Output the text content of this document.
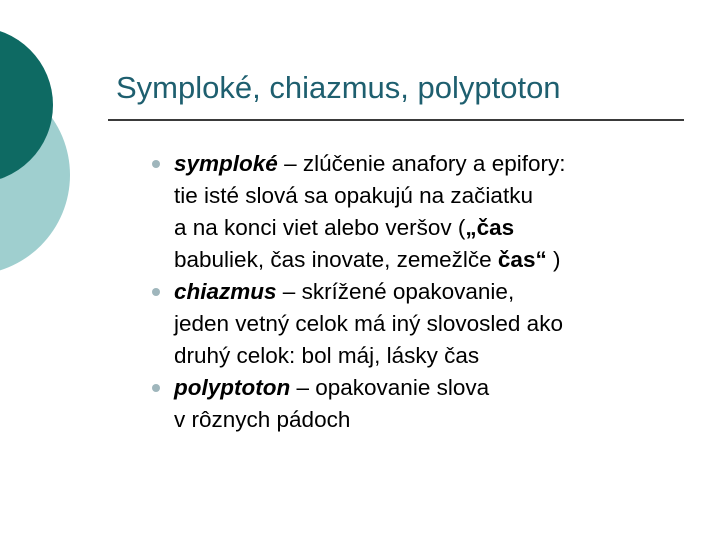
Symploké, chiazmus, polyptoton
symploké – zlúčenie anafory a epifory:
tie isté slová sa opakujú na začiatku
a na konci viet alebo veršov („čas
babuliek, čas inovate, zemežlče čas“ )
chiazmus – skrížené opakovanie,
jeden vetný celok má iný slovosled ako
druhý celok: bol máj, lásky čas
polyptoton – opakovanie slova
v rôznych pádoch
